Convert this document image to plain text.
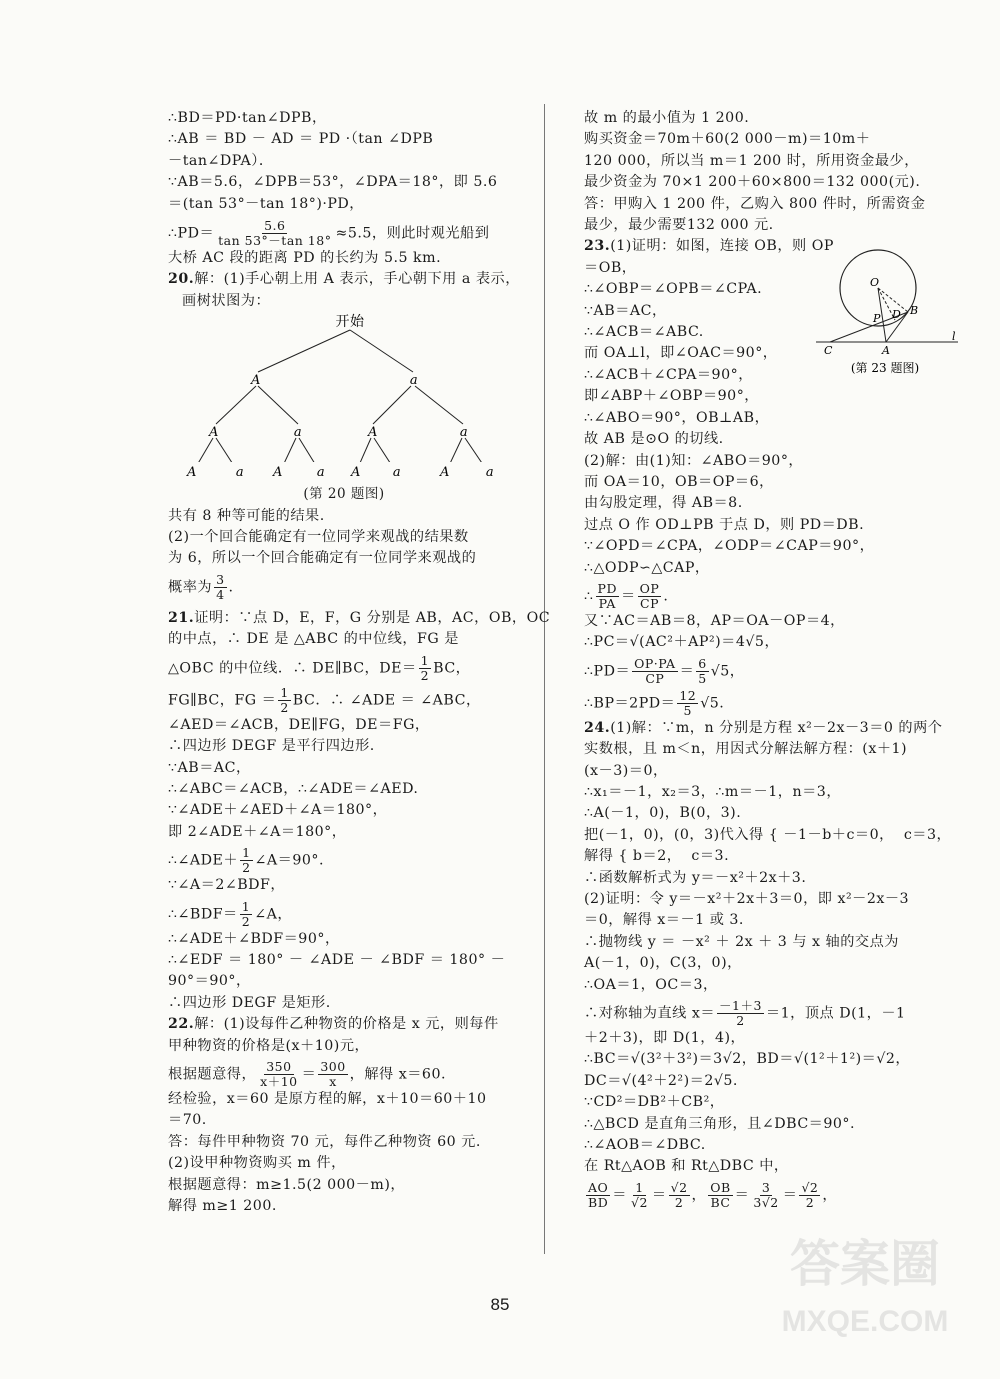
∴BD＝PD·tan∠DPB，
∴AB ＝ BD － AD ＝ PD ·（tan ∠DPB
－tan∠DPA）．
∵AB＝5.6，∠DPB＝53°，∠DPA＝18°，即 5.6
＝(tan 53°－tan 18°)·PD，
∴PD＝ $\frac{5.6}{\tan 53^\circ-\tan 18^\circ} \approx 5.5$，则此时观光船到
大桥 AC 段的距离 PD 的长约为 5.5 km.
20.解：(1)手心朝上用 A 表示，手心朝下用 a 表示，
画树状图为：
开始
A	a
A	a	A	a
A	a A	a A a	A	a
(第 20 题图)
共有 8 种等可能的结果.
(2)一个回合能确定有一位同学来观战的结果数
为 6，所以一个回合能确定有一位同学来观战的
概率为 $\frac{3}{4}$ .
21.证明：∵点 D，E，F，G 分别是 AB，AC，OB，OC
的中点，∴ DE 是 △ABC 的中位线，FG 是
△OBC 的中位线．∴ DE∥BC，$DE= \frac{1}{2}$ BC，
FG∥BC，FG ＝ $\frac{1}{2}$ BC．∴ ∠ADE ＝ ∠ABC，
∠AED＝∠ACB，DE∥FG，DE＝FG，
∴四边形 DEGF 是平行四边形.
∵AB＝AC，
∴∠ABC＝∠ACB，∴∠ADE＝∠AED.
∵∠ADE＋∠AED＋∠A＝180°，
即 2∠ADE＋∠A＝180°，
∴∠ADE＋ $\frac{1}{2}$ ∠A＝90°.
∵∠A＝2∠BDF，
∴∠BDF＝ $\frac{1}{2}$ ∠A，
∴∠ADE＋∠BDF＝90°，
∴∠EDF ＝ 180° － ∠ADE － ∠BDF ＝ 180° －
90°＝90°，
∴四边形 DEGF 是矩形.
22.解：(1)设每件乙种物资的价格是 x 元，则每件
甲种物资的价格是(x＋10)元，
根据题意得， $\frac{350}{x+10} = \frac{300}{x}$ ，解得 x＝60.
经检验，x＝60 是原方程的解，x＋10＝60＋10
＝70.
答：每件甲种物资 70 元，每件乙种物资 60 元.
(2)设甲种物资购买 m 件，
根据题意得：m≥1.5(2 000－m)，
解得 m≥1 200.
故 m 的最小值为 1 200.
购买资金＝70m＋60(2 000－m)＝10m＋
120 000，所以当 m＝1 200 时，所用资金最少，
最少资金为 70×1 200＋60×800＝132 000(元).
答：甲购入 1 200 件，乙购入 800 件时，所需资金
最少，最少需要132 000 元.
23.(1)证明：如图，连接 OB，则 OP
＝OB，
∴∠OBP＝∠OPB＝∠CPA.
∵AB＝AC，
∴∠ACB＝∠ABC.
而 OA⊥l，即∠OAC＝90°，
∴∠ACB＋∠CPA＝90°，
即∠ABP＋∠OBP＝90°，
∴∠ABO＝90°，OB⊥AB，
故 AB 是⊙O 的切线.
(2)解：由(1)知：∠ABO＝90°，
而 OA＝10，OB＝OP＝6，
由勾股定理，得 AB＝8.
过点 O 作 OD⊥PB 于点 D，则 PD＝DB.
∵∠OPD＝∠CPA，∠ODP＝∠CAP＝90°，
∴△ODP∽△CAP，
∴ $\frac{PD}{PA} = \frac{OP}{CP}$ .
又∵AC＝AB＝8，AP＝OA－OP＝4，
∴PC＝√(AC²＋AP²)＝4√5，
∴PD＝ $\frac{OP\cdot PA}{CP} = \frac{6}{5} √5$，
∴BP＝2PD＝ $\frac{12}{5} √5$.
24.(1)解：∵m，n 分别是方程 x²－2x－3＝0 的两个
实数根，且 m＜n，用因式分解法解方程：(x＋1)
(x－3)＝0，
∴x₁＝－1，x₂＝3，∴m＝－1，n＝3，
∴A(－1，0)，B(0，3).
把(－1，0)，(0，3)代入得 { －1－b＋c＝0，  c＝3，
解得 { b＝2，  c＝3.
∴函数解析式为 y＝－x²＋2x＋3.
(2)证明：令 y＝－x²＋2x＋3＝0，即 x²－2x－3
＝0，解得 x＝－1 或 3.
∴抛物线 y ＝ －x² ＋ 2x ＋ 3 与 x 轴的交点为
A(－1，0)，C(3，0)，
∴OA＝1，OC＝3，
∴对称轴为直线 $x= \frac{-1+3}{2} =1$，顶点 D(1，－1
＋2＋3)，即 D(1，4)，
∴BC＝√(3²＋3²)＝3√2，BD＝√(1²＋1²)＝√2，
DC＝√(4²＋2²)＝2√5.
∵CD²＝DB²＋CB²，
∴△BCD 是直角三角形，且∠DBC＝90°.
∴∠AOB＝∠DBC.
在 Rt△AOB 和 Rt△DBC 中，
$\frac{AO}{BD} = \frac{1}{√2} = \frac{√2}{2}$ ， $\frac{OB}{BC} = \frac{3}{3√2} = \frac{√2}{2}$ ，
O
P D B
C	A
l
(第 23 题图)
85
答案圈
MXQE.COM
